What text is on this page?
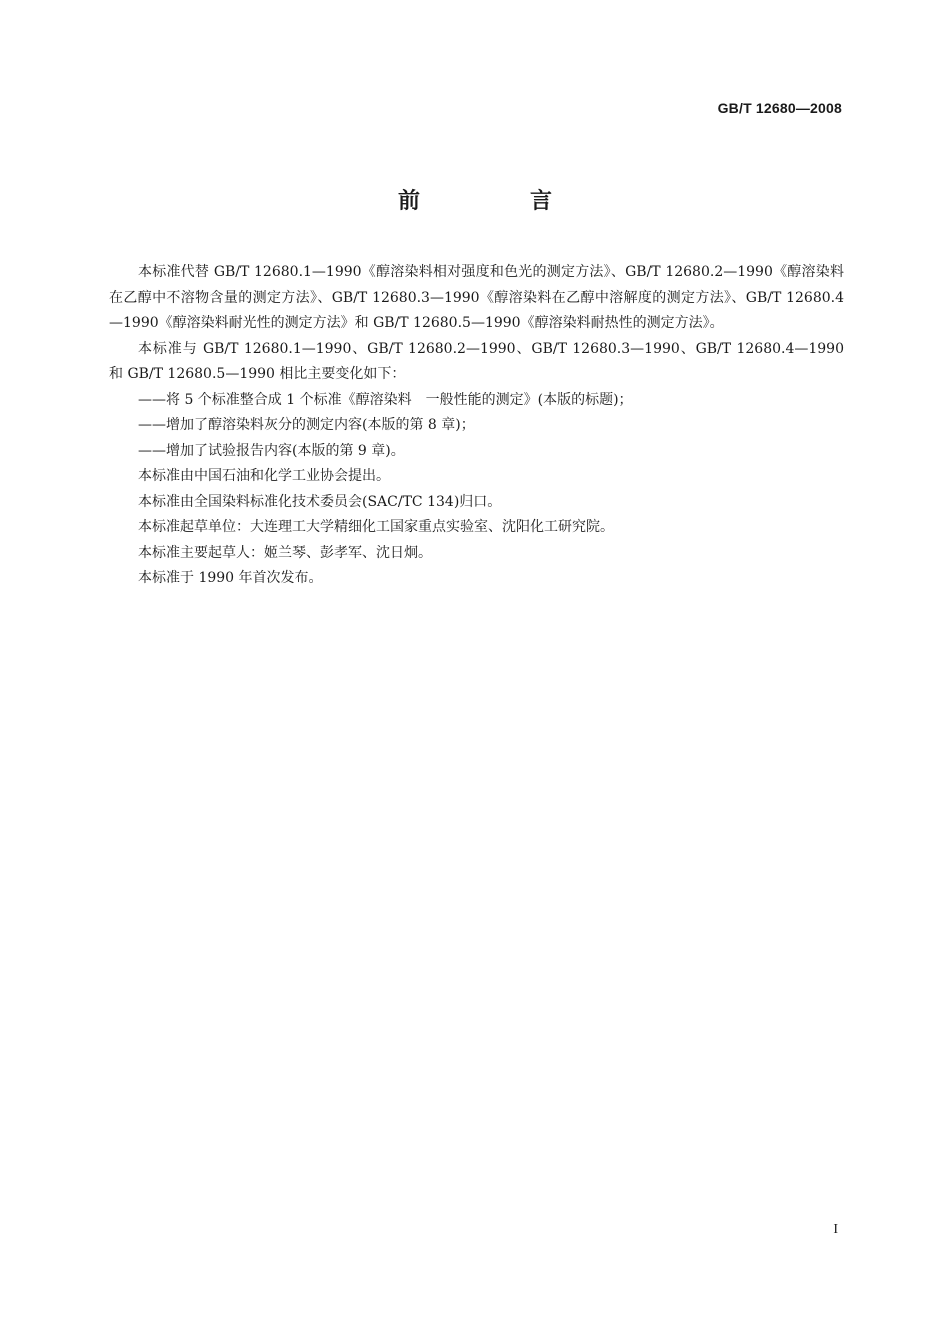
GB/T 12680—2008
前　言

本标准代替 GB/T 12680.1—1990《醇溶染料相对强度和色光的测定方法》、GB/T 12680.2—1990《醇溶染料在乙醇中不溶物含量的测定方法》、GB/T 12680.3—1990《醇溶染料在乙醇中溶解度的测定方法》、GB/T 12680.4—1990《醇溶染料耐光性的测定方法》和 GB/T 12680.5—1990《醇溶染料耐热性的测定方法》。

本标准与 GB/T 12680.1—1990、GB/T 12680.2—1990、GB/T 12680.3—1990、GB/T 12680.4—1990 和 GB/T 12680.5—1990 相比主要变化如下：

——将 5 个标准整合成 1 个标准《醇溶染料　一般性能的测定》(本版的标题)；

——增加了醇溶染料灰分的测定内容(本版的第 8 章)；

——增加了试验报告内容(本版的第 9 章)。

本标准由中国石油和化学工业协会提出。

本标准由全国染料标准化技术委员会(SAC/TC 134)归口。

本标准起草单位：大连理工大学精细化工国家重点实验室、沈阳化工研究院。

本标准主要起草人：姬兰琴、彭孝军、沈日炯。

本标准于 1990 年首次发布。

I
